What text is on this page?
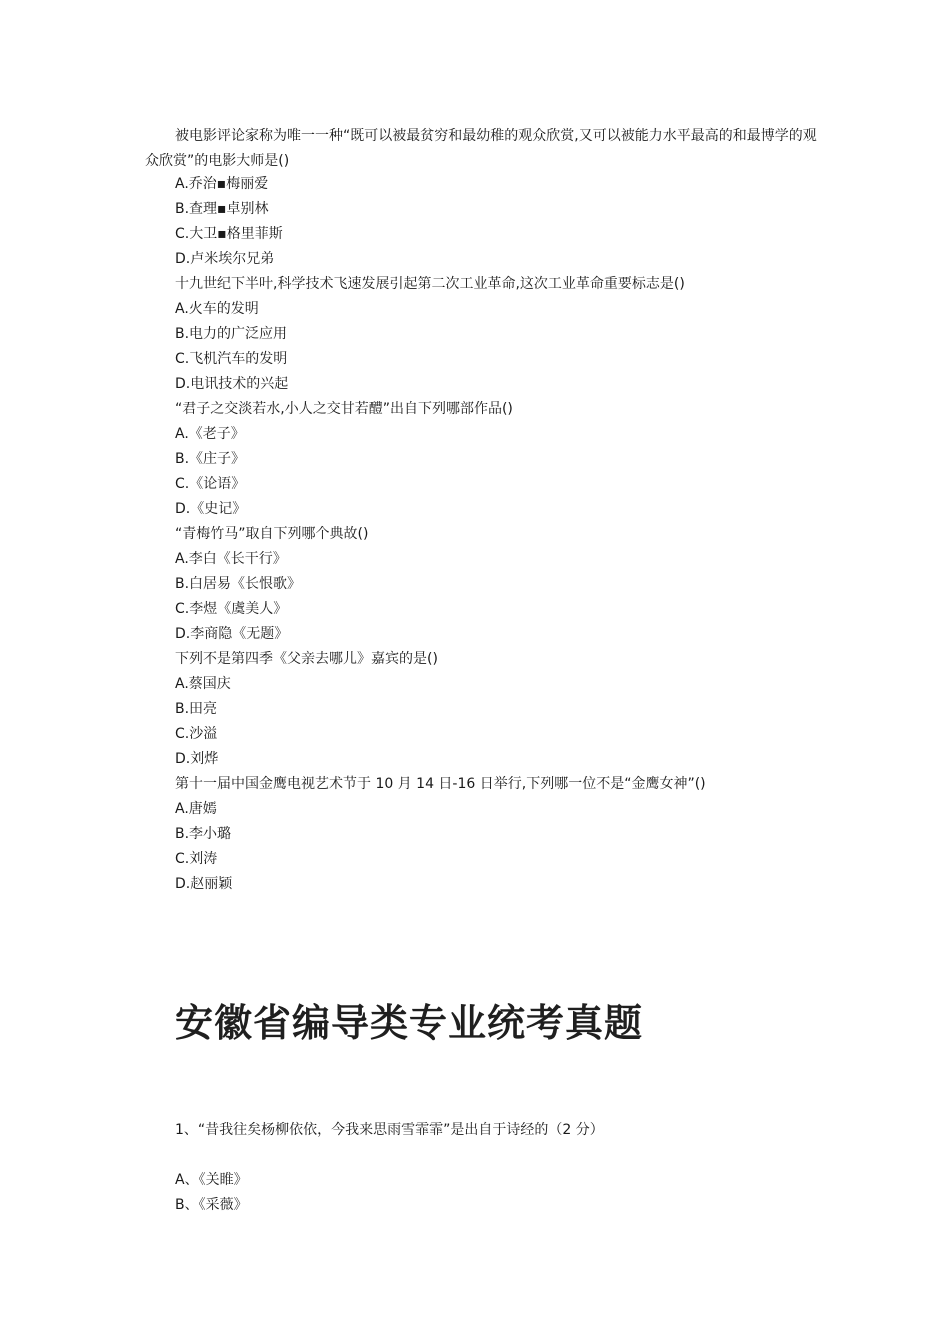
被电影评论家称为唯一一种“既可以被最贫穷和最幼稚的观众欣赏,又可以被能力水平最高的和最博学的观众欣赏”的电影大师是()
A.乔治▪梅丽爱
B.查理▪卓别林
C.大卫▪格里菲斯
D.卢米埃尔兄弟
十九世纪下半叶,科学技术飞速发展引起第二次工业革命,这次工业革命重要标志是()
A.火车的发明
B.电力的广泛应用
C.飞机汽车的发明
D.电讯技术的兴起
“君子之交淡若水,小人之交甘若醴”出自下列哪部作品()
A.《老子》
B.《庄子》
C.《论语》
D.《史记》
“青梅竹马”取自下列哪个典故()
A.李白《长干行》
B.白居易《长恨歌》
C.李煜《虞美人》
D.李商隐《无题》
下列不是第四季《父亲去哪儿》嘉宾的是()
A.蔡国庆
B.田亮
C.沙溢
D.刘烨
第十一届中国金鹰电视艺术节于 10 月 14 日-16 日举行,下列哪一位不是“金鹰女神”()
A.唐嫣
B.李小璐
C.刘涛
D.赵丽颖
安徽省编导类专业统考真题
1、“昔我往矣杨柳依依，今我来思雨雪霏霏”是出自于诗经的（2 分）
A、《关睢》
B、《采薇》
